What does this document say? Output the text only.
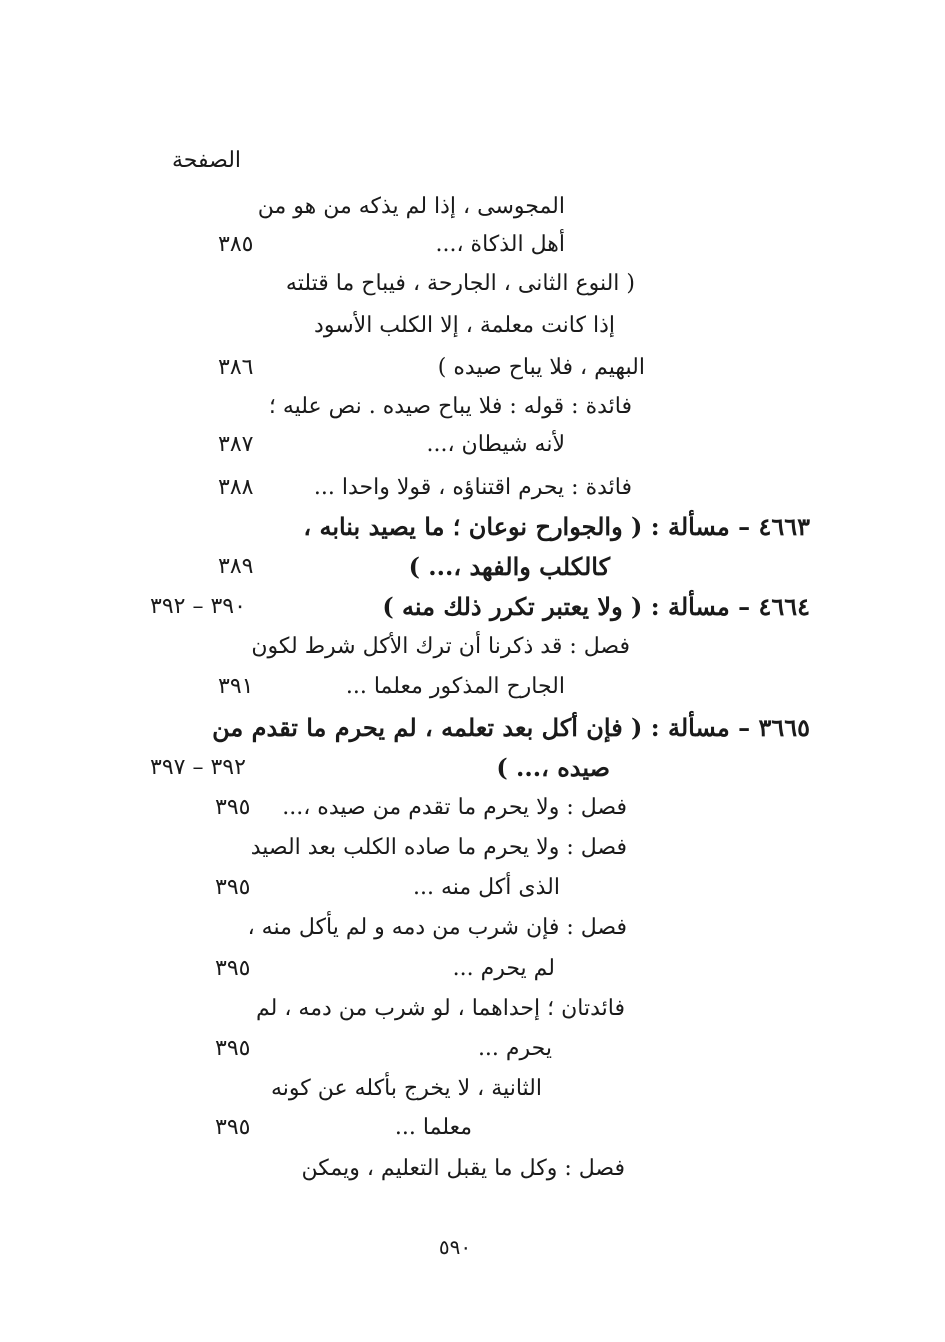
الصفحة
المجوسى ، إذا لم يذكه من هو من
أهل الذكاة ،...
٣٨٥
( النوع الثانى ، الجارحة ، فيباح ما قتلته
إذا كانت معلمة ، إلا الكلب الأسود
البهيم ، فلا يباح صيده )
٣٨٦
فائدة : قوله : فلا يباح صيده . نص عليه ؛
لأنه شيطان ،...
٣٨٧
فائدة : يحرم اقتناؤه ، قولا واحدا ...
٣٨٨
٤٦٦٣ – مسألة : ( والجوارح نوعان ؛ ما يصيد بنابه ،
كالكلب والفهد ،... )
٣٨٩
٤٦٦٤ – مسألة : ( ولا يعتبر تكرر ذلك منه )
٣٩٠ – ٣٩٢
فصل : قد ذكرنا أن ترك الأكل شرط لكون
الجارح المذكور معلما ...
٣٩١
٣٦٦٥ – مسألة : ( فإن أكل بعد تعلمه ، لم يحرم ما تقدم من
صيده ،... )
٣٩٢ – ٣٩٧
فصل : ولا يحرم ما تقدم من صيده ،...
٣٩٥
فصل : ولا يحرم ما صاده الكلب بعد الصيد
الذى أكل منه ...
٣٩٥
فصل : فإن شرب من دمه و لم يأكل منه ،
لم يحرم ...
٣٩٥
فائدتان ؛ إحداهما ، لو شرب من دمه ، لم
يحرم ...
٣٩٥
الثانية ، لا يخرج بأكله عن كونه
معلما ...
٣٩٥
فصل : وكل ما يقبل التعليم ، ويمكن
٥٩٠
